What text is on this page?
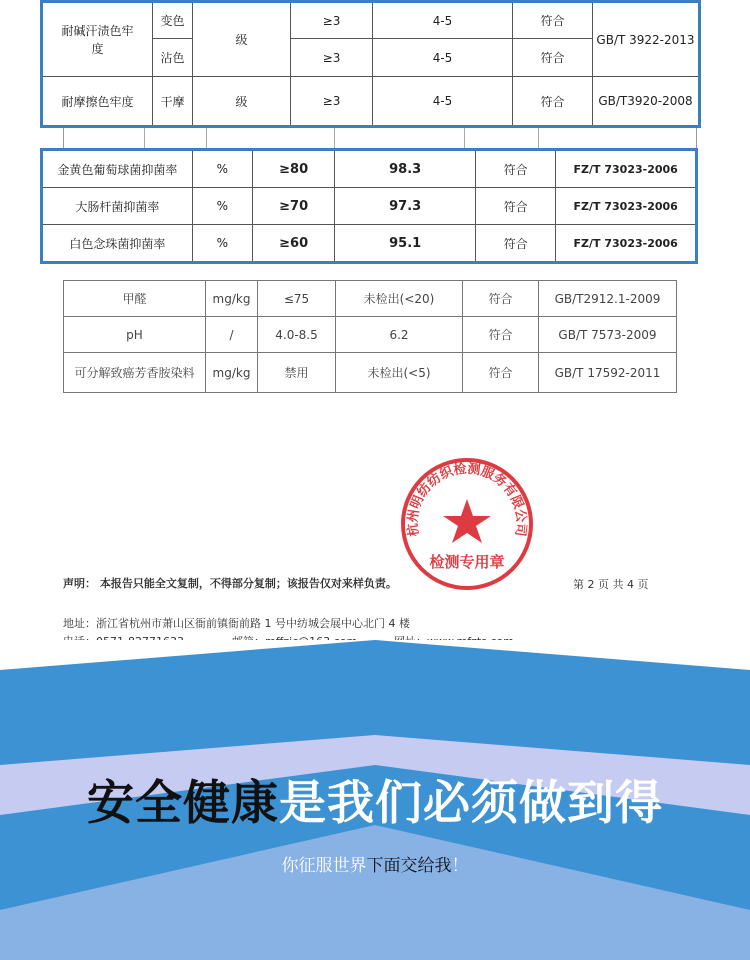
耐碱汗渍色牢度	变色	级	≥3	4-5	符合	GB/T 3922-2013
	沾色		≥3	4-5	符合	
耐摩擦色牢度	干摩	级	≥3	4-5	符合	GB/T3920-2008
金黄色葡萄球菌抑菌率	%	≥80	98.3	符合	FZ/T 73023-2006
大肠杆菌抑菌率	%	≥70	97.3	符合	FZ/T 73023-2006
白色念珠菌抑菌率	%	≥60	95.1	符合	FZ/T 73023-2006
甲醛	mg/kg	≤75	未检出(<20)	符合	GB/T2912.1-2009
pH	/	4.0-8.5	6.2	符合	GB/T 7573-2009
可分解致癌芳香胺染料	mg/kg	禁用	未检出(<5)	符合	GB/T 17592-2011
杭州明纺纺织检测服务有限公司
检测专用章
声明： 本报告只能全文复制，不得部分复制；该报告仅对来样负责。	第 2 页 共 4 页
地址：浙江省杭州市萧山区衙前镇衙前路 1 号中纺城会展中心北门 4 楼
安全健康是我们必须做到得
你征服世界下面交给我！
